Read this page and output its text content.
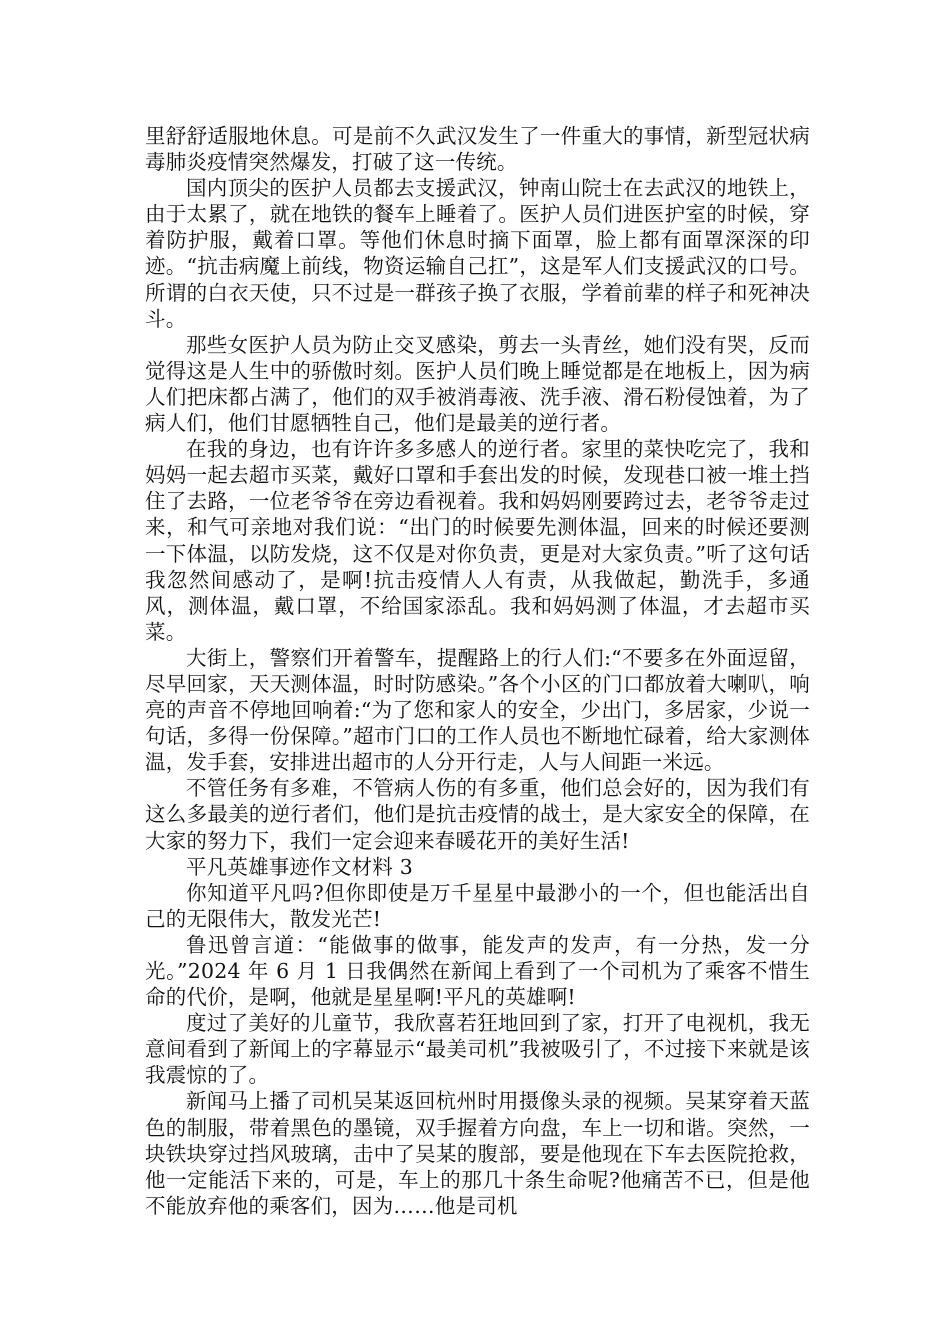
里舒舒适服地休息。可是前不久武汉发生了一件重大的事情，新型冠状病毒肺炎疫情突然爆发，打破了这一传统。

国内顶尖的医护人员都去支援武汉，钟南山院士在去武汉的地铁上，由于太累了，就在地铁的餐车上睡着了。医护人员们进医护室的时候，穿着防护服，戴着口罩。等他们休息时摘下面罩，脸上都有面罩深深的印迹。“抗击病魔上前线，物资运输自己扛”，这是军人们支援武汉的口号。所谓的白衣天使，只不过是一群孩子换了衣服，学着前辈的样子和死神决斗。

那些女医护人员为防止交叉感染，剪去一头青丝，她们没有哭，反而觉得这是人生中的骄傲时刻。医护人员们晚上睡觉都是在地板上，因为病人们把床都占满了，他们的双手被消毒液、洗手液、滑石粉侵蚀着，为了病人们，他们甘愿牺牲自己，他们是最美的逆行者。

在我的身边，也有许许多多感人的逆行者。家里的菜快吃完了，我和妈妈一起去超市买菜，戴好口罩和手套出发的时候，发现巷口被一堆土挡住了去路，一位老爷爷在旁边看视着。我和妈妈刚要跨过去，老爷爷走过来，和气可亲地对我们说：“出门的时候要先测体温，回来的时候还要测一下体温，以防发烧，这不仅是对你负责，更是对大家负责。”听了这句话我忽然间感动了，是啊!抗击疫情人人有责，从我做起，勤洗手，多通风，测体温，戴口罩，不给国家添乱。我和妈妈测了体温，才去超市买菜。

大街上，警察们开着警车，提醒路上的行人们:“不要多在外面逗留，尽早回家，天天测体温，时时防感染。”各个小区的门口都放着大喇叭，响亮的声音不停地回响着:“为了您和家人的安全，少出门，多居家，少说一句话，多得一份保障。”超市门口的工作人员也不断地忙碌着，给大家测体温，发手套，安排进出超市的人分开行走，人与人间距一米远。

不管任务有多难，不管病人伤的有多重，他们总会好的，因为我们有这么多最美的逆行者们，他们是抗击疫情的战士，是大家安全的保障，在大家的努力下，我们一定会迎来春暖花开的美好生活!

平凡英雄事迹作文材料 3

你知道平凡吗?但你即使是万千星星中最渺小的一个，但也能活出自己的无限伟大，散发光芒!

鲁迅曾言道：“能做事的做事，能发声的发声，有一分热，发一分光。”2024 年 6 月 1 日我偶然在新闻上看到了一个司机为了乘客不惜生命的代价，是啊，他就是星星啊!平凡的英雄啊!

度过了美好的儿童节，我欣喜若狂地回到了家，打开了电视机，我无意间看到了新闻上的字幕显示“最美司机”我被吸引了，不过接下来就是该我震惊的了。

新闻马上播了司机吴某返回杭州时用摄像头录的视频。吴某穿着天蓝色的制服，带着黑色的墨镜，双手握着方向盘，车上一切和谐。突然，一块铁块穿过挡风玻璃，击中了吴某的腹部，要是他现在下车去医院抢救，他一定能活下来的，可是，车上的那几十条生命呢?他痛苦不已，但是他不能放弃他的乘客们，因为……他是司机
